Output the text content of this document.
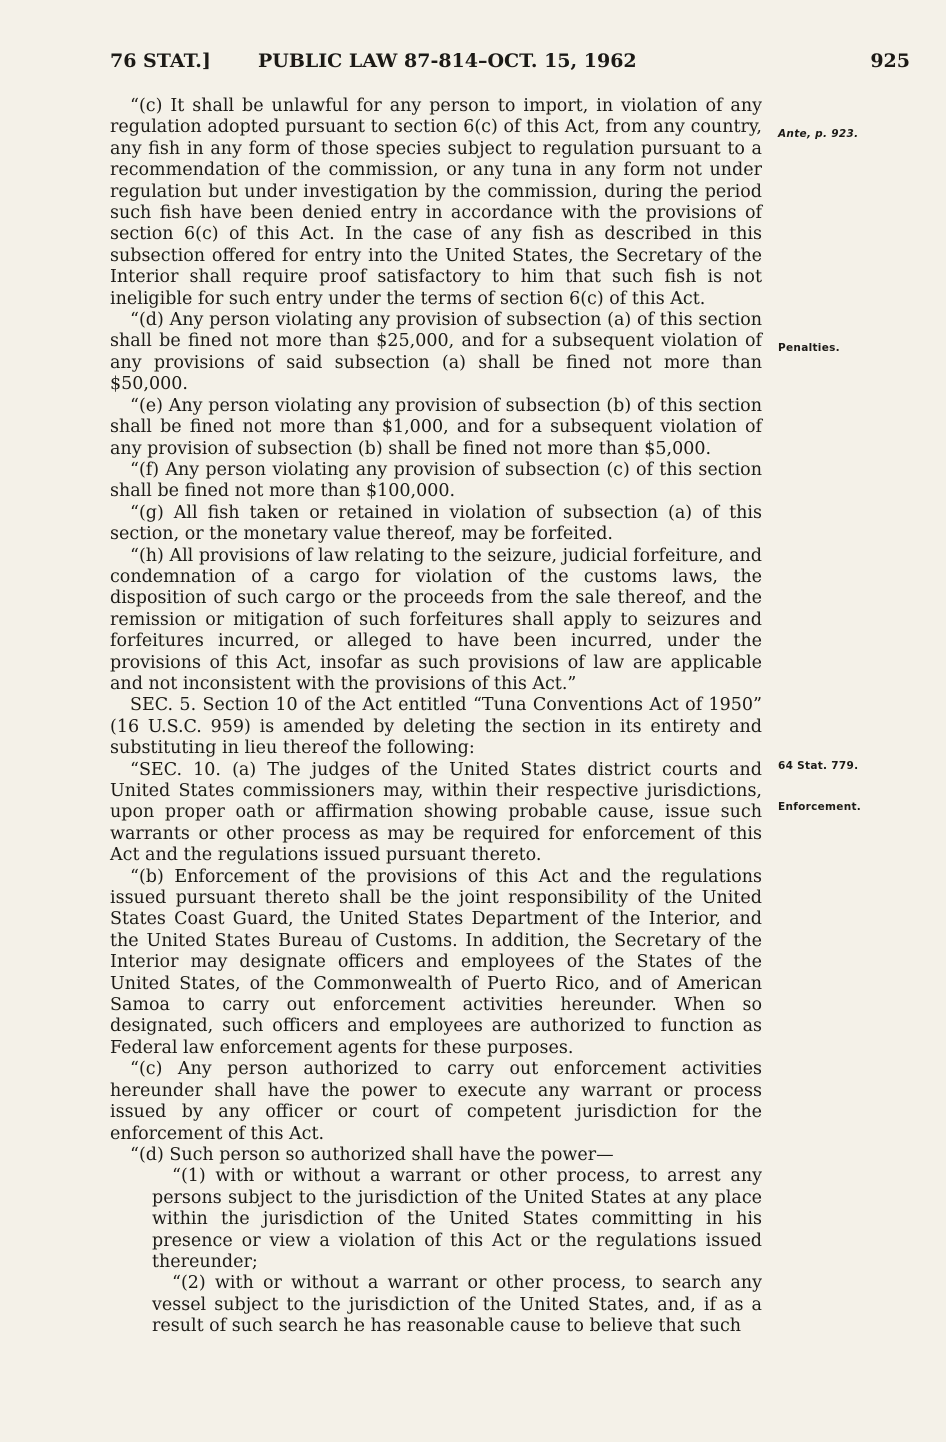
76 STAT.] PUBLIC LAW 87-814–OCT. 15, 1962	925

“(c) It shall be unlawful for any person to import, in violation of any regulation adopted pursuant to section 6(c) of this Act, from any country, any fish in any form of those species subject to regulation pursuant to a recommendation of the commission, or any tuna in any form not under regulation but under investigation by the commission, during the period such fish have been denied entry in accordance with the provisions of section 6(c) of this Act. In the case of any fish as described in this subsection offered for entry into the United States, the Secretary of the Interior shall require proof satisfactory to him that such fish is not ineligible for such entry under the terms of section 6(c) of this Act.

“(d) Any person violating any provision of subsection (a) of this section shall be fined not more than $25,000, and for a subsequent violation of any provisions of said subsection (a) shall be fined not more than $50,000.

“(e) Any person violating any provision of subsection (b) of this section shall be fined not more than $1,000, and for a subsequent violation of any provision of subsection (b) shall be fined not more than $5,000.

“(f) Any person violating any provision of subsection (c) of this section shall be fined not more than $100,000.

“(g) All fish taken or retained in violation of subsection (a) of this section, or the monetary value thereof, may be forfeited.

“(h) All provisions of law relating to the seizure, judicial forfeiture, and condemnation of a cargo for violation of the customs laws, the disposition of such cargo or the proceeds from the sale thereof, and the remission or mitigation of such forfeitures shall apply to seizures and forfeitures incurred, or alleged to have been incurred, under the provisions of this Act, insofar as such provisions of law are applicable and not inconsistent with the provisions of this Act.”

SEC. 5. Section 10 of the Act entitled “Tuna Conventions Act of 1950” (16 U.S.C. 959) is amended by deleting the section in its entirety and substituting in lieu thereof the following:

“SEC. 10. (a) The judges of the United States district courts and United States commissioners may, within their respective jurisdictions, upon proper oath or affirmation showing probable cause, issue such warrants or other process as may be required for enforcement of this Act and the regulations issued pursuant thereto.

“(b) Enforcement of the provisions of this Act and the regulations issued pursuant thereto shall be the joint responsibility of the United States Coast Guard, the United States Department of the Interior, and the United States Bureau of Customs. In addition, the Secretary of the Interior may designate officers and employees of the States of the United States, of the Commonwealth of Puerto Rico, and of American Samoa to carry out enforcement activities hereunder. When so designated, such officers and employees are authorized to function as Federal law enforcement agents for these purposes.

“(c) Any person authorized to carry out enforcement activities hereunder shall have the power to execute any warrant or process issued by any officer or court of competent jurisdiction for the enforcement of this Act.

“(d) Such person so authorized shall have the power—

“(1) with or without a warrant or other process, to arrest any persons subject to the jurisdiction of the United States at any place within the jurisdiction of the United States committing in his presence or view a violation of this Act or the regulations issued thereunder;

“(2) with or without a warrant or other process, to search any vessel subject to the jurisdiction of the United States, and, if as a result of such search he has reasonable cause to believe that such

Ante, p. 923.
Penalties.
64 Stat. 779.
Enforcement.
